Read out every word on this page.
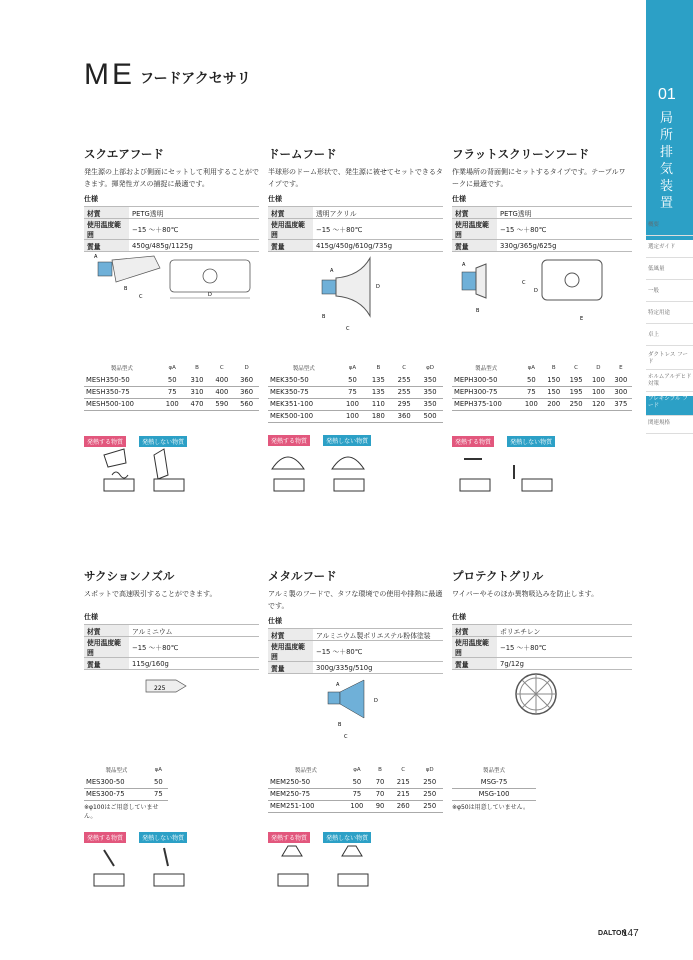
ME フードアクセサリ
01
局所排気装置
概要
選定ガイド
低風量
一般
特定用途
卓上
ダクトレス フード
ホルムアルデヒド 対策
フレキシブル フード
関連規格
スクエアフード

発生源の上部および側面にセットして利用することができます。揮発性ガスの捕捉に最適です。

仕様
材質	PETG透明
使用温度範囲	−15 〜＋80℃
質量	450g/485g/1125g
A
B
C	D
製品型式	φA	B	C	D
MESH350-50	50	310	400	360
MESH350-75	75	310	400	360
MESH500-100	100	470	590	560
発熱する物質	発熱しない物質
ドームフード

半球形のドーム形状で、発生源に被せてセットできるタイプです。

仕様
材質	透明アクリル
使用温度範囲	−15 〜＋80℃
質量	415g/450g/610g/735g
A
B
C
D
製品型式	φA	B	C	φD
MEK350-50	50	135	255	350
MEK350-75	75	135	255	350
MEK351-100	100	110	295	350
MEK500-100	100	180	360	500
発熱する物質	発熱しない物質
フラットスクリーンフード

作業場所の背面側にセットするタイプです。テーブルワークに最適です。

仕様
材質	PETG透明
使用温度範囲	−15 〜＋80℃
質量	330g/365g/625g
A
B
C
D
E
製品型式	φA	B	C	D	E
MEPH300-50	50	150	195	100	300
MEPH300-75	75	150	195	100	300
MEPH375-100	100	200	250	120	375
発熱する物質	発熱しない物質
サクションノズル

スポットで高速吸引することができます。

仕様
材質	アルミニウム
使用温度範囲	−15 〜＋80℃
質量	115g/160g
225
製品型式	φA
MES300-50	50
MES300-75	75
※φ100はご用意していません。
発熱する物質	発熱しない物質
メタルフード

アルミ製のフードで、タフな環境での使用や排熱に最適です。

仕様
材質	アルミニウム製ポリエステル粉体塗装
使用温度範囲	−15 〜＋80℃
質量	300g/335g/510g
A
B
C
D
製品型式	φA	B	C	φD
MEM250-50	50	70	215	250
MEM250-75	75	70	215	250
MEM251-100	100	90	260	250
発熱する物質	発熱しない物質
プロテクトグリル

ワイパーやそのほか異物吸込みを防止します。

仕様
材質	ポリエチレン
使用温度範囲	−15 〜＋80℃
質量	7g/12g
製品型式
MSG-75
MSG-100
※φ50は用意していません。
DALTON
147
